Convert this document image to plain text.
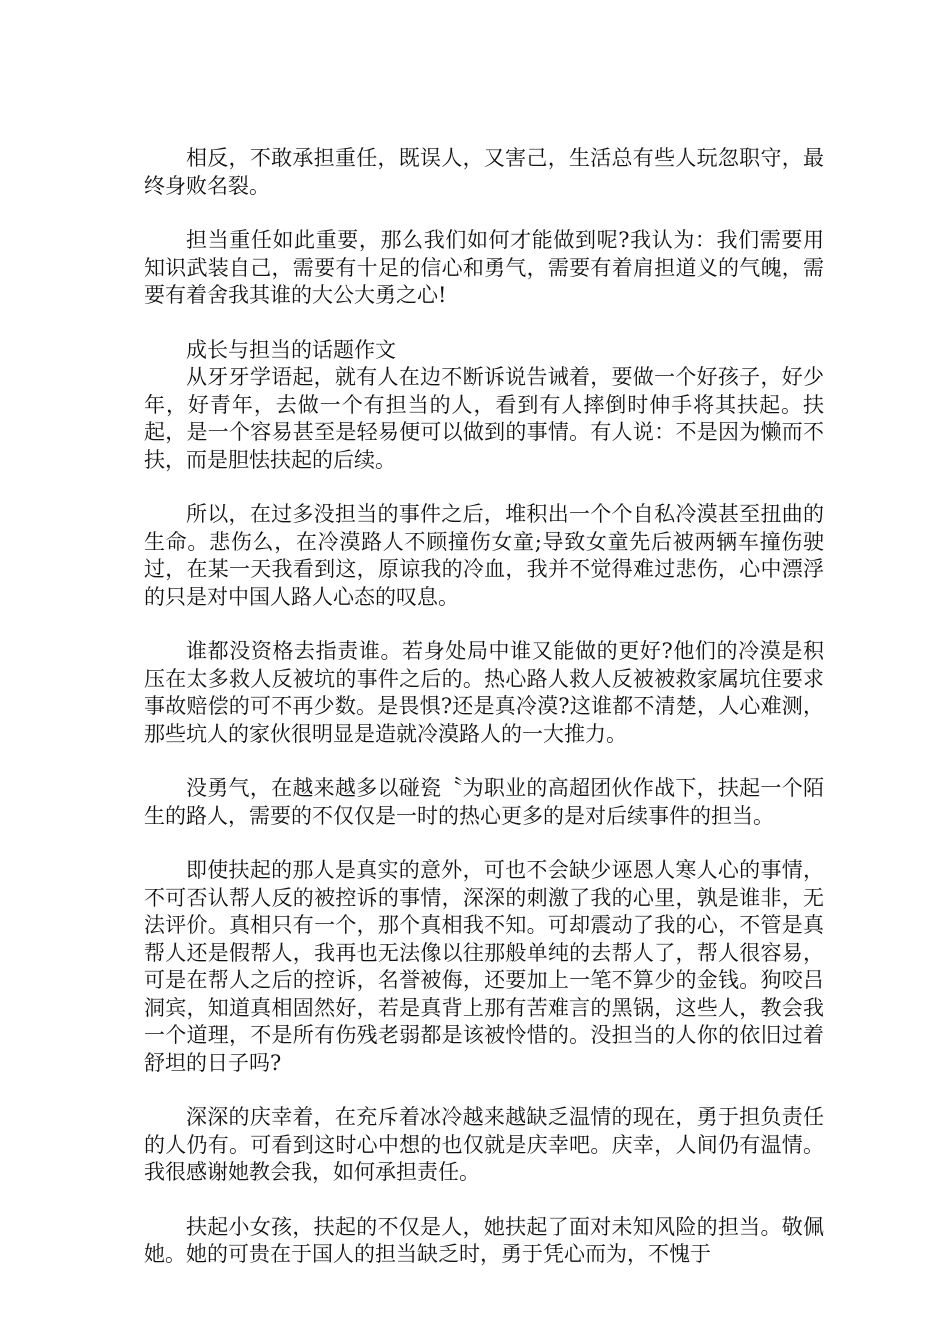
相反，不敢承担重任，既误人，又害己，生活总有些人玩忽职守，最终身败名裂。

担当重任如此重要，那么我们如何才能做到呢?我认为：我们需要用知识武装自己，需要有十足的信心和勇气，需要有着肩担道义的气魄，需要有着舍我其谁的大公大勇之心!

成长与担当的话题作文

从牙牙学语起，就有人在边不断诉说告诫着，要做一个好孩子，好少年，好青年，去做一个有担当的人，看到有人摔倒时伸手将其扶起。扶起，是一个容易甚至是轻易便可以做到的事情。有人说：不是因为懒而不扶，而是胆怯扶起的后续。

所以，在过多没担当的事件之后，堆积出一个个自私冷漠甚至扭曲的生命。悲伤么，在冷漠路人不顾撞伤女童;导致女童先后被两辆车撞伤驶过，在某一天我看到这，原谅我的冷血，我并不觉得难过悲伤，心中漂浮的只是对中国人路人心态的叹息。

谁都没资格去指责谁。若身处局中谁又能做的更好?他们的冷漠是积压在太多救人反被坑的事件之后的。热心路人救人反被被救家属坑住要求事故赔偿的可不再少数。是畏惧?还是真冷漠?这谁都不清楚，人心难测，那些坑人的家伙很明显是造就冷漠路人的一大推力。

没勇气，在越来越多以碰瓷〝为职业的高超团伙作战下，扶起一个陌生的路人，需要的不仅仅是一时的热心更多的是对后续事件的担当。

即使扶起的那人是真实的意外，可也不会缺少诬恩人寒人心的事情，不可否认帮人反的被控诉的事情，深深的刺激了我的心里，孰是谁非，无法评价。真相只有一个，那个真相我不知。可却震动了我的心，不管是真帮人还是假帮人，我再也无法像以往那般单纯的去帮人了，帮人很容易，可是在帮人之后的控诉，名誉被侮，还要加上一笔不算少的金钱。狗咬吕洞宾，知道真相固然好，若是真背上那有苦难言的黑锅，这些人，教会我一个道理，不是所有伤残老弱都是该被怜惜的。没担当的人你的依旧过着舒坦的日子吗?

深深的庆幸着，在充斥着冰冷越来越缺乏温情的现在，勇于担负责任的人仍有。可看到这时心中想的也仅就是庆幸吧。庆幸，人间仍有温情。我很感谢她教会我，如何承担责任。

扶起小女孩，扶起的不仅是人，她扶起了面对未知风险的担当。敬佩她。她的可贵在于国人的担当缺乏时，勇于凭心而为，不愧于
